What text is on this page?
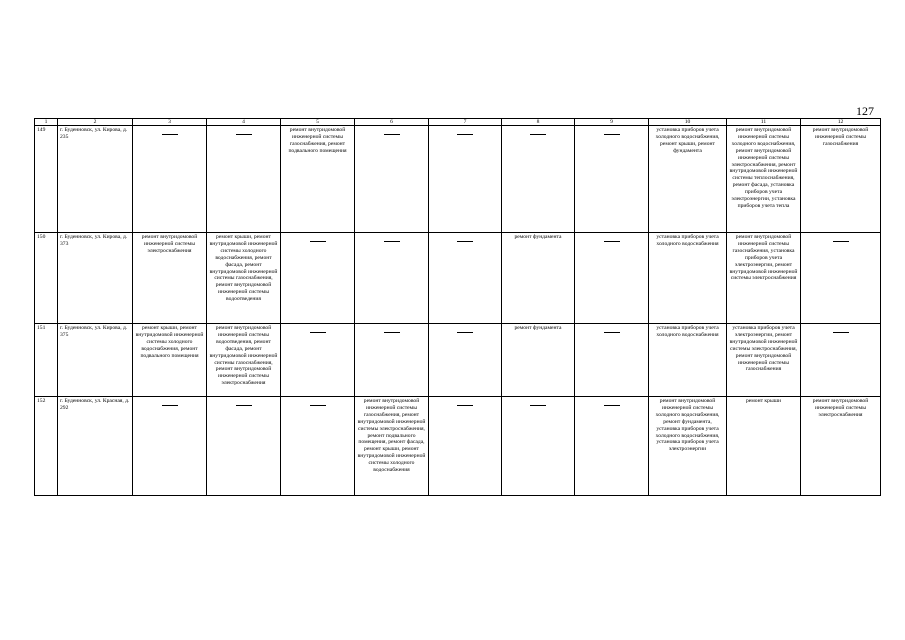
127
1	2	3	4	5	6	7	8	9	10	11	12
149	г. Буденновск, ул. Кирова, д. 235			ремонт внутридомовой инженерной системы газоснабжения, ремонт подвального помещения					установка приборов учета холодного водоснабжения, ремонт крыши, ремонт фундамента	ремонт внутридомовой инженерной системы холодного водоснабжения, ремонт внутридомовой инженерной системы электроснабжения, ремонт внутридомовой инженерной системы теплоснабжения, ремонт фасада, установка приборов учета электроэнергии, установка приборов учета тепла	ремонт внутридомовой инженерной системы газоснабжения
150	г. Буденновск, ул. Кирова, д. 373	ремонт внутридомовой инженерной системы электроснабжения	ремонт крыши, ремонт внутридомовой инженерной системы холодного водоснабжения, ремонт фасада, ремонт внутридомовой инженерной системы газоснабжения, ремонт внутридомовой инженерной системы водоотведения				ремонт фундамента		установка приборов учета холодного водоснабжения	ремонт внутридомовой инженерной системы газоснабжения, установка приборов учета электроэнергии, ремонт внутридомовой инженерной системы электроснабжения	

151	г. Буденновск, ул. Кирова, д. 375	ремонт крыши, ремонт внутридомовой инженерной системы холодного водоснабжения, ремонт подвального помещения	ремонт внутридомовой инженерной системы водоотведения, ремонт фасада, ремонт внутридомовой инженерной системы газоснабжения, ремонт внутридомовой инженерной системы электроснабжения				ремонт фундамента		установка приборов учета холодного водоснабжения	установка приборов учета электроэнергии, ремонт внутридомовой инженерной системы электроснабжения, ремонт внутридомовой инженерной системы газоснабжения	

152	г. Буденновск, ул. Красная, д. 292				ремонт внутридомовой инженерной системы газоснабжения, ремонт внутридомовой инженерной системы электроснабжения, ремонт подвального помещения, ремонт фасада, ремонт крыши, ремонт внутридомовой инженерной системы холодного водоснабжения				ремонт внутридомовой инженерной системы холодного водоснабжения, ремонт фундамента, установка приборов учета холодного водоснабжения, установка приборов учета электроэнергии	ремонт крыши	ремонт внутридомовой инженерной системы электроснабжения
